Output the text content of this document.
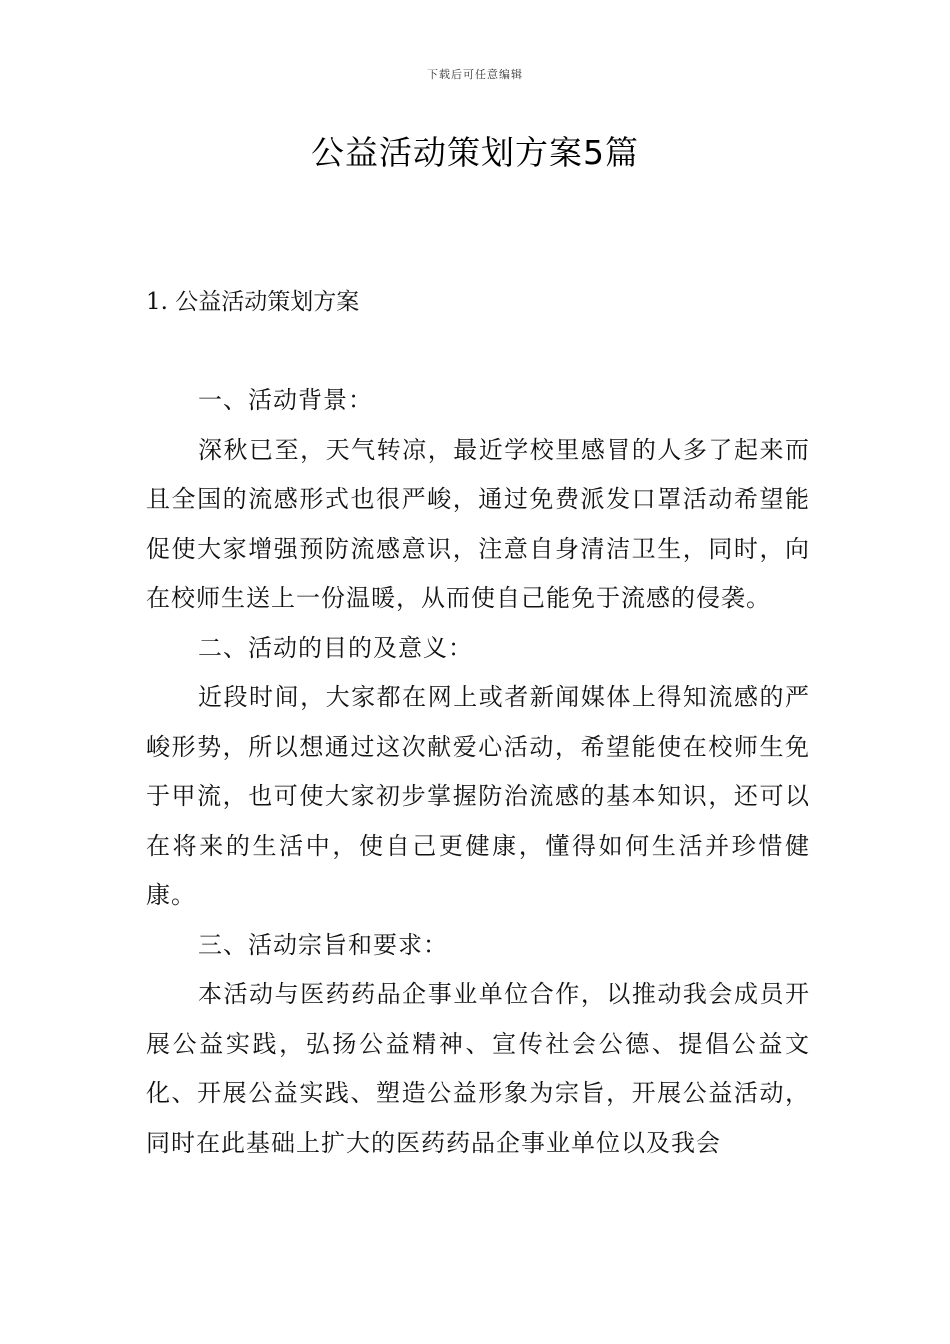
下载后可任意编辑
公益活动策划方案5篇
1. 公益活动策划方案

一、活动背景：

深秋已至，天气转凉，最近学校里感冒的人多了起来而且全国的流感形式也很严峻，通过免费派发口罩活动希望能促使大家增强预防流感意识，注意自身清洁卫生，同时，向在校师生送上一份温暖，从而使自己能免于流感的侵袭。

二、活动的目的及意义：

近段时间，大家都在网上或者新闻媒体上得知流感的严峻形势，所以想通过这次献爱心活动，希望能使在校师生免于甲流，也可使大家初步掌握防治流感的基本知识，还可以在将来的生活中，使自己更健康，懂得如何生活并珍惜健康。

三、活动宗旨和要求：

本活动与医药药品企事业单位合作，以推动我会成员开展公益实践，弘扬公益精神、宣传社会公德、提倡公益文化、开展公益实践、塑造公益形象为宗旨，开展公益活动，同时在此基础上扩大的医药药品企事业单位以及我会
